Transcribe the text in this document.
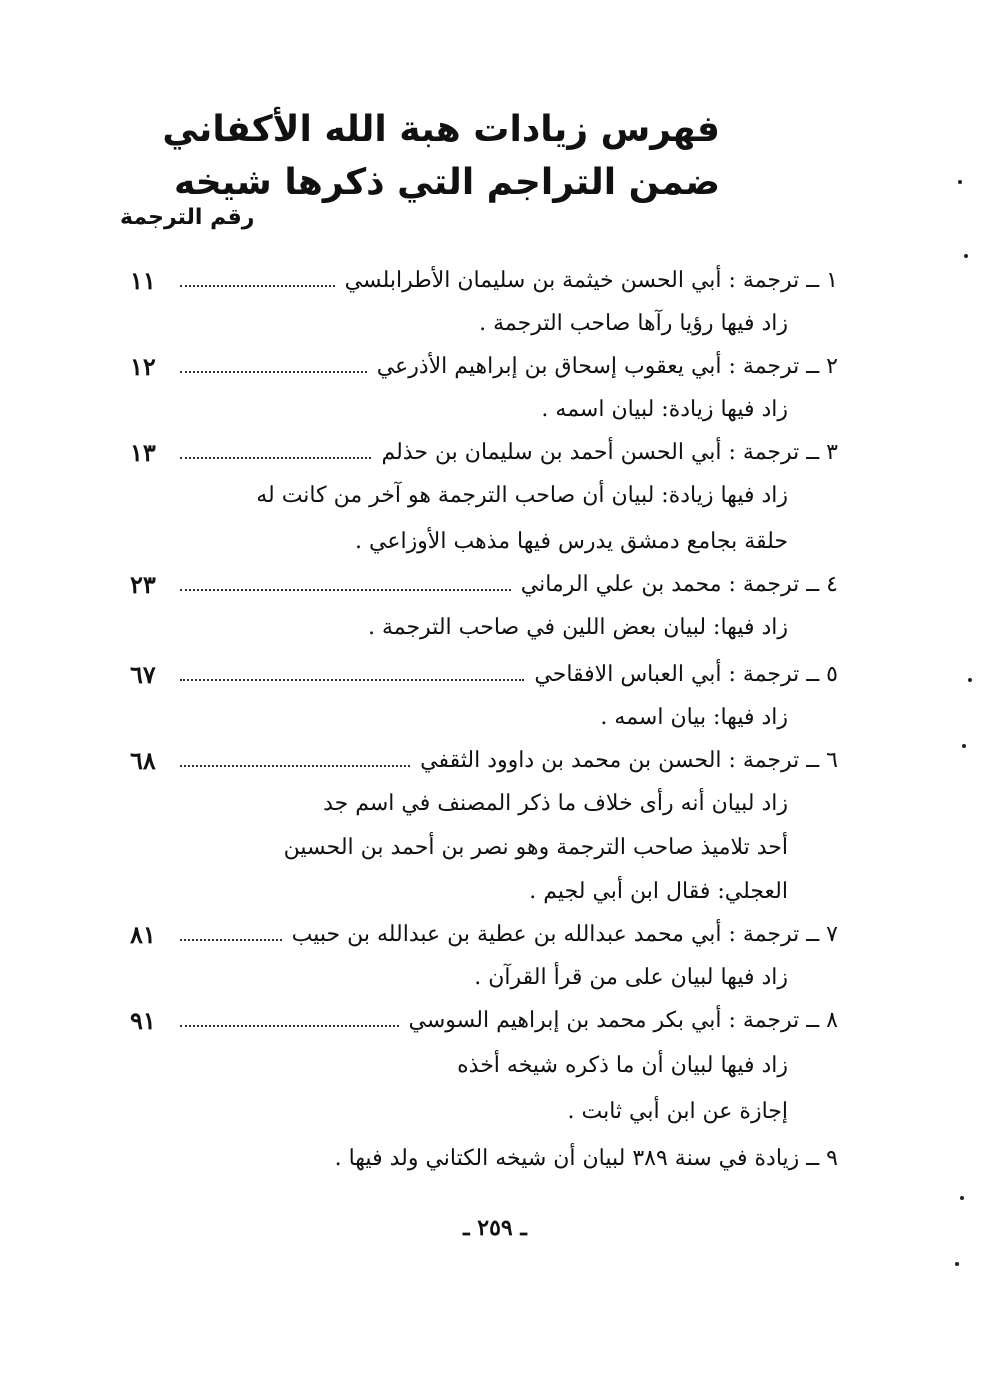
فهرس زيادات هبة الله الأكفاني
ضمن التراجم التي ذكرها شيخه
رقم الترجمة
١ ــ ترجمة : أبي الحسن خيثمة بن سليمان الأطرابلسي
١١
زاد فيها رؤيا رآها صاحب الترجمة .
٢ ــ ترجمة : أبي يعقوب إسحاق بن إبراهيم الأذرعي
١٢
زاد فيها زيادة: لبيان اسمه .
٣ ــ ترجمة : أبي الحسن أحمد بن سليمان بن حذلم
١٣
زاد فيها زيادة: لبيان أن صاحب الترجمة هو آخر من كانت له
حلقة بجامع دمشق يدرس فيها مذهب الأوزاعي .
٤ ــ ترجمة : محمد بن علي الرماني
٢٣
زاد فيها: لبيان بعض اللين في صاحب الترجمة .
٥ ــ ترجمة : أبي العباس الافقاحي
٦٧
زاد فيها: بيان اسمه .
٦ ــ ترجمة : الحسن بن محمد بن داوود الثقفي
٦٨
زاد لبيان أنه رأى خلاف ما ذكر المصنف في اسم جد
أحد تلاميذ صاحب الترجمة وهو نصر بن أحمد بن الحسين
العجلي: فقال ابن أبي لجيم .
٧ ــ ترجمة : أبي محمد عبدالله بن عطية بن عبدالله بن حبيب
٨١
زاد فيها لبيان على من قرأ القرآن .
٨ ــ ترجمة : أبي بكر محمد بن إبراهيم السوسي
٩١
زاد فيها لبيان أن ما ذكره شيخه أخذه
إجازة عن ابن أبي ثابت .
٩ ــ زيادة في سنة ٣٨٩ لبيان أن شيخه الكتاني ولد فيها .
ـ ٢٥٩ ـ
